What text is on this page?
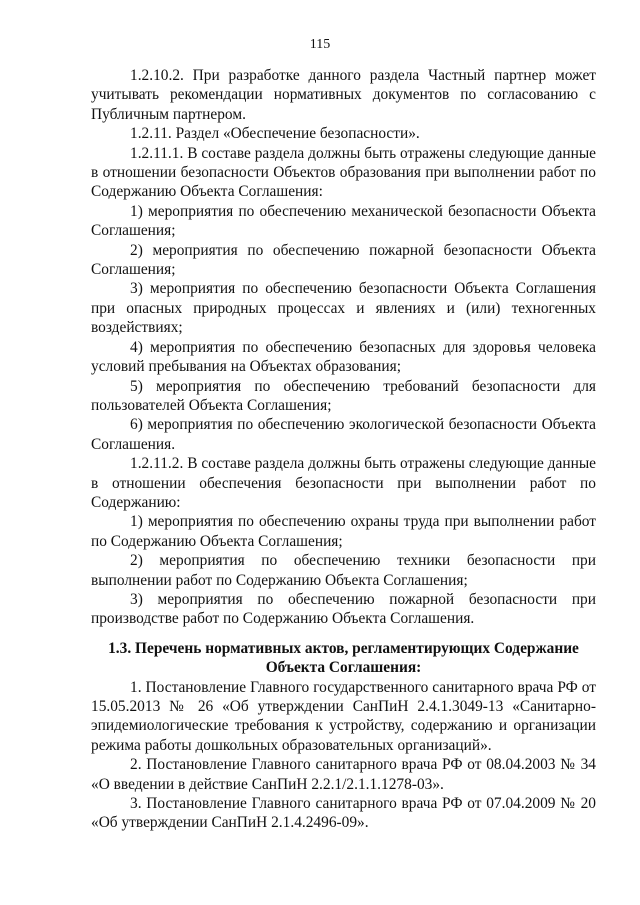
115

1.2.10.2. При разработке данного раздела Частный партнер может учитывать рекомендации нормативных документов по согласованию с Публичным партнером.

1.2.11. Раздел «Обеспечение безопасности».

1.2.11.1. В составе раздела должны быть отражены следующие данные в отношении безопасности Объектов образования при выполнении работ по Содержанию Объекта Соглашения:

1) мероприятия по обеспечению механической безопасности Объекта Соглашения;

2) мероприятия по обеспечению пожарной безопасности Объекта Соглашения;

3) мероприятия по обеспечению безопасности Объекта Соглашения при опасных природных процессах и явлениях и (или) техногенных воздействиях;

4) мероприятия по обеспечению безопасных для здоровья человека условий пребывания на Объектах образования;

5) мероприятия по обеспечению требований безопасности для пользователей Объекта Соглашения;

6) мероприятия по обеспечению экологической безопасности Объекта Соглашения.

1.2.11.2. В составе раздела должны быть отражены следующие данные в отношении обеспечения безопасности при выполнении работ по Содержанию:

1) мероприятия по обеспечению охраны труда при выполнении работ по Содержанию Объекта Соглашения;

2) мероприятия по обеспечению техники безопасности при выполнении работ по Содержанию Объекта Соглашения;

3) мероприятия по обеспечению пожарной безопасности при производстве работ по Содержанию Объекта Соглашения.

1.3. Перечень нормативных актов, регламентирующих Содержание Объекта Соглашения:

1. Постановление Главного государственного санитарного врача РФ от 15.05.2013 № 26 «Об утверждении СанПиН 2.4.1.3049-13 «Санитарно-эпидемиологические требования к устройству, содержанию и организации режима работы дошкольных образовательных организаций».

2. Постановление Главного санитарного врача РФ от 08.04.2003 № 34 «О введении в действие СанПиН 2.2.1/2.1.1.1278-03».

3. Постановление Главного санитарного врача РФ от 07.04.2009 № 20 «Об утверждении СанПиН 2.1.4.2496-09».
